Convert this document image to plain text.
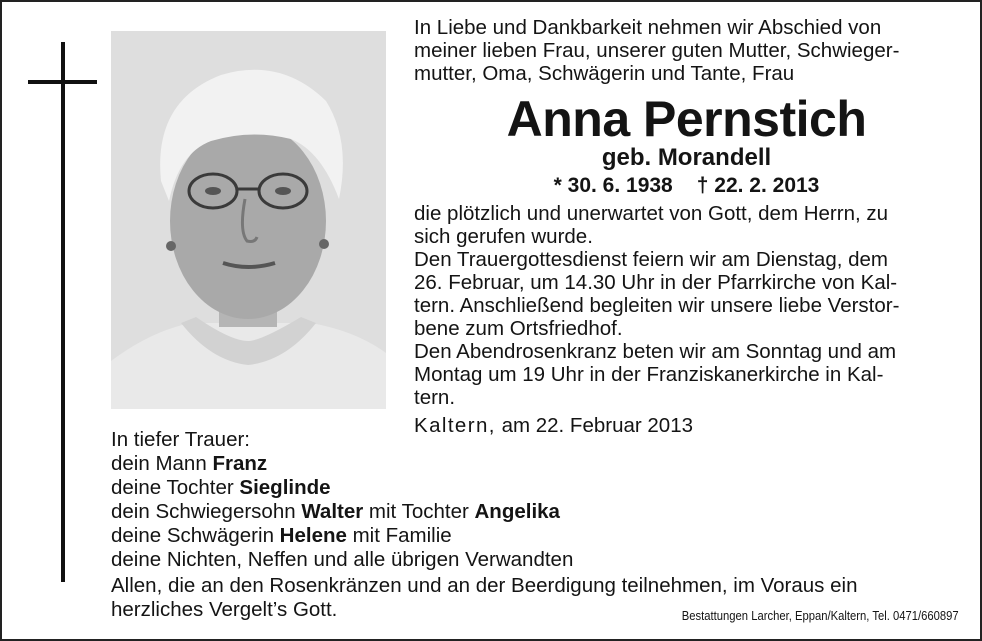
In Liebe und Dankbarkeit nehmen wir Abschied von
meiner lieben Frau, unserer guten Mutter, Schwieger-
mutter, Oma, Schwägerin und Tante, Frau
Anna Pernstich
geb. Morandell
* 30. 6. 1938 † 22. 2. 2013
die plötzlich und unerwartet von Gott, dem Herrn, zu
sich gerufen wurde.
Den Trauergottesdienst feiern wir am Dienstag, dem
26. Februar, um 14.30 Uhr in der Pfarrkirche von Kal-
tern. Anschließend begleiten wir unsere liebe Verstor-
bene zum Ortsfriedhof.
Den Abendrosenkranz beten wir am Sonntag und am
Montag um 19 Uhr in der Franziskanerkirche in Kal-
tern.
Kaltern, am 22. Februar 2013
In tiefer Trauer:
dein Mann Franz
deine Tochter Sieglinde
dein Schwiegersohn Walter mit Tochter Angelika
deine Schwägerin Helene mit Familie
deine Nichten, Neffen und alle übrigen Verwandten
Allen, die an den Rosenkränzen und an der Beerdigung teilnehmen, im Voraus ein
herzliches Vergelt’s Gott.	Bestattungen Larcher, Eppan/Kaltern, Tel. 0471/660897
